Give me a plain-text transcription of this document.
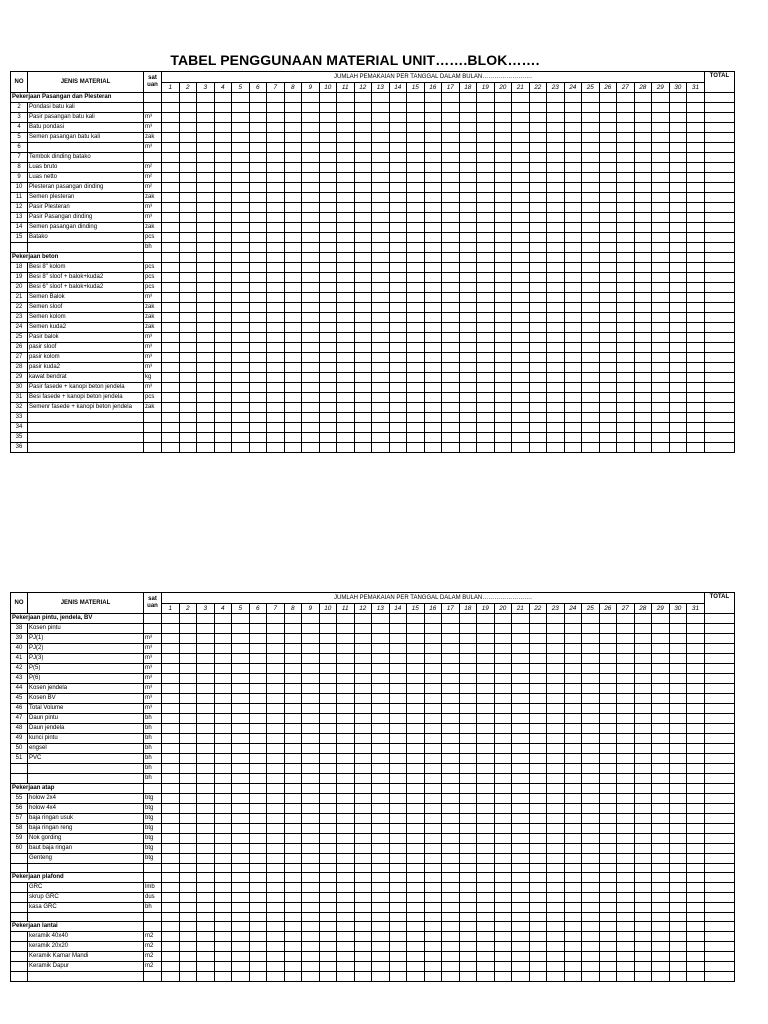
TABEL PENGGUNAAN MATERIAL UNIT…….BLOK…….
NO	JENIS MATERIAL	sat
uan	JUMLAH PEMAKAIAN PER TANGGAL DALAM BULAN…………………….																															TOTAL
			1	2	3	4	5	6	7	8	9	10	11	12	13	14	15	16	17	18	19	20	21	22	23	24	25	26	27	28	29	30	31	
Pekerjaan Pasangan dan Plesteran																																		
2	Pondasi batu kali																																	
3	Pasir pasangan batu kali	m³																																
4	Batu pondasi	m³																																
5	Semen pasangan batu kali	zak																																
6		m³																																
7	Tembok dinding batako																																	
8	Luas bruto	m²																																
9	Luas netto	m²																																
10	Plesteran pasangan dinding	m²																																
11	Semen plesteran	zak																																
12	Pasir Plesteran	m³																																
13	Pasir Pasangan dinding	m³																																
14	Semen pasangan dinding	zak																																
15	Batako	pcs																																
		bh																																
Pekerjaan beton																																		
18	Besi 8" kolom	pcs																																
19	Besi 8" sloof + balok+kuda2	pcs																																
20	Besi 6" sloof + balok+kuda2	pcs																																
21	Semen Balok	m³																																
22	Semen sloof	zak																																
23	Semen kolom	zak																																
24	Semen kuda2	zak																																
25	Pasir balok	m³																																
26	pasir sloof	m³																																
27	pasir kolom	m³																																
28	pasir kuda2	m³																																
29	kawat bendrat	kg																																
30	Pasir fasede + kanopi beton jendela	m³																																
31	Besi fasede + kanopi beton jendela	pcs																																
32	Semenr fasede + kanopi beton jendela	zak																																
33																																		
34																																		
35																																		
36																																		
NO	JENIS MATERIAL	sat
uan	JUMLAH PEMAKAIAN PER TANGGAL DALAM BULAN…………………….																															TOTAL
			1	2	3	4	5	6	7	8	9	10	11	12	13	14	15	16	17	18	19	20	21	22	23	24	25	26	27	28	29	30	31	
Pekerjaan pintu, jendela, BV																																		
38	Kosen pintu																																	
39	PJ(1)	m³																																
40	PJ(2)	m³																																
41	PJ(3)	m³																																
42	P(5)	m³																																
43	P(6)	m³																																
44	Kosen jendela	m³																																
45	Kosen BV	m³																																
46	Total Volume	m³																																
47	Daun pintu	bh																																
48	Daun jendela	bh																																
49	kunci pintu	bh																																
50	engsel	bh																																
51	PVC	bh																																
		bh																																
		bh																																
Pekerjaan atap																																		
55	holow 2x4	btg																																
56	holow 4x4	btg																																
57	baja ringan usuk	btg																																
58	baja ringan reng	btg																																
59	Nok gording	btg																																
60	baut baja ringan	btg																																
	Genteng	btg																																

Pekerjaan plafond																																		
	GRC	lmb																																
	skrup GRC	dus																																
	kasa GRC	bh																																

Pekerjaan lantai																																		
	keramik 40x40	m2																																
	keramik 20x20	m2																																
	Keramik Kamar Mandi	m2																																
	Keramik Dapur	m2																																
